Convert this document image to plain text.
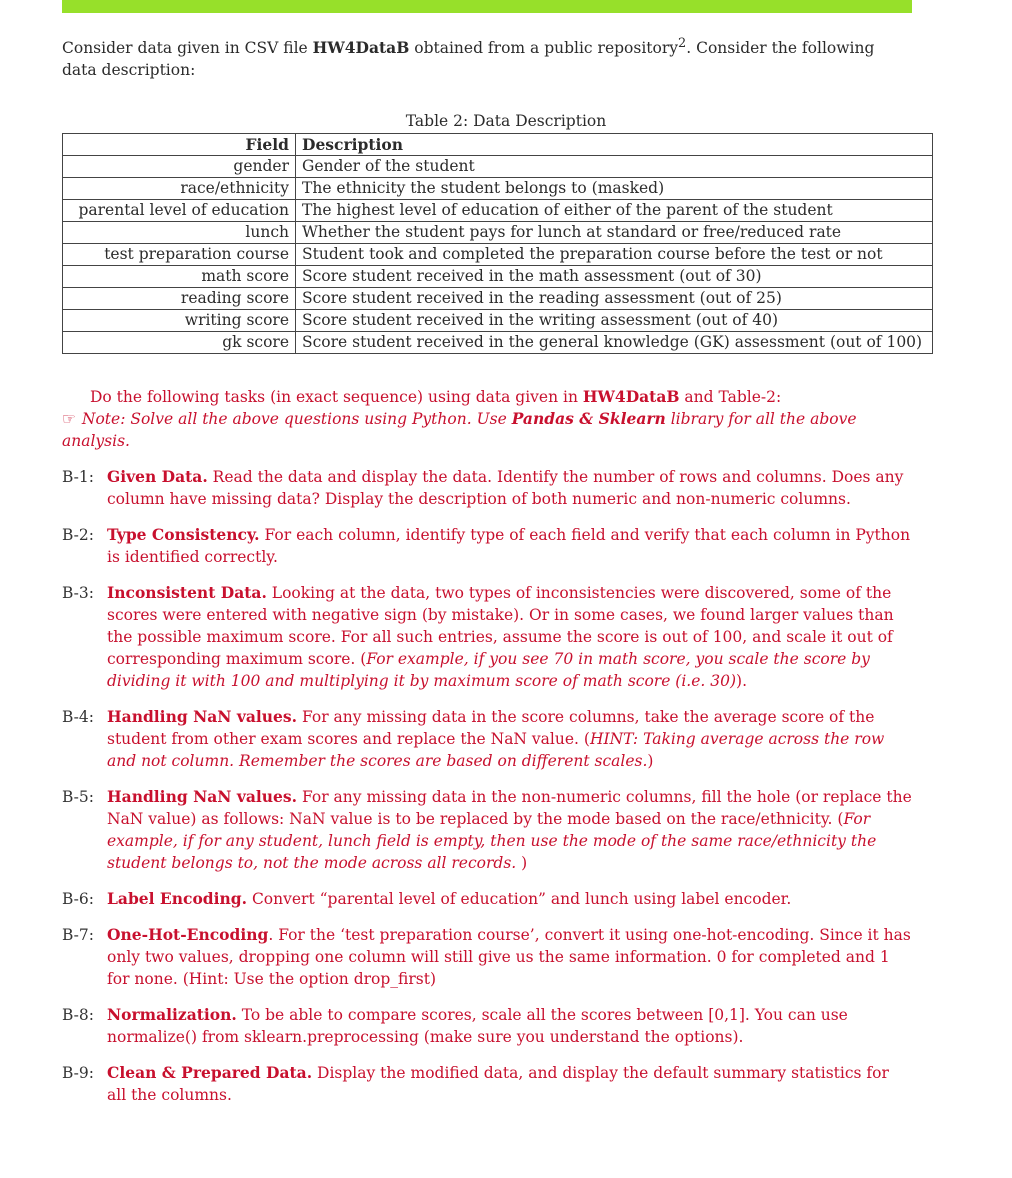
Consider data given in CSV file HW4DataB obtained from a public repository$^2$. Consider the following data description:
Table 2: Data Description
Field	Description
gender	Gender of the student
race/ethnicity	The ethnicity the student belongs to (masked)
parental level of education	The highest level of education of either of the parent of the student
lunch	Whether the student pays for lunch at standard or free/reduced rate
test preparation course	Student took and completed the preparation course before the test or not
math score	Score student received in the math assessment (out of 30)
reading score	Score student received in the reading assessment (out of 25)
writing score	Score student received in the writing assessment (out of 40)
gk score	Score student received in the general knowledge (GK) assessment (out of 100)
Do the following tasks (in exact sequence) using data given in HW4DataB and Table-2:
☞ Note: Solve all the above questions using Python. Use Pandas & Sklearn library for all the above analysis.
B-1: Given Data. Read the data and display the data. Identify the number of rows and columns. Does any column have missing data? Display the description of both numeric and non-numeric columns.
B-2: Type Consistency. For each column, identify type of each field and verify that each column in Python is identified correctly.
B-3: Inconsistent Data. Looking at the data, two types of inconsistencies were discovered, some of the scores were entered with negative sign (by mistake). Or in some cases, we found larger values than the possible maximum score. For all such entries, assume the score is out of 100, and scale it out of corresponding maximum score. (For example, if you see 70 in math score, you scale the score by dividing it with 100 and multiplying it by maximum score of math score (i.e. 30)).
B-4: Handling NaN values. For any missing data in the score columns, take the average score of the student from other exam scores and replace the NaN value. (HINT: Taking average across the row and not column. Remember the scores are based on different scales.)
B-5: Handling NaN values. For any missing data in the non-numeric columns, fill the hole (or replace the NaN value) as follows: NaN value is to be replaced by the mode based on the race/ethnicity. (For example, if for any student, lunch field is empty, then use the mode of the same race/ethnicity the student belongs to, not the mode across all records. )
B-6: Label Encoding. Convert “parental level of education” and lunch using label encoder.
B-7: One-Hot-Encoding. For the ‘test preparation course’, convert it using one-hot-encoding. Since it has only two values, dropping one column will still give us the same information. 0 for completed and 1 for none. (Hint: Use the option drop_first)
B-8: Normalization. To be able to compare scores, scale all the scores between [0,1]. You can use normalize() from sklearn.preprocessing (make sure you understand the options).
B-9: Clean & Prepared Data. Display the modified data, and display the default summary statistics for all the columns.
